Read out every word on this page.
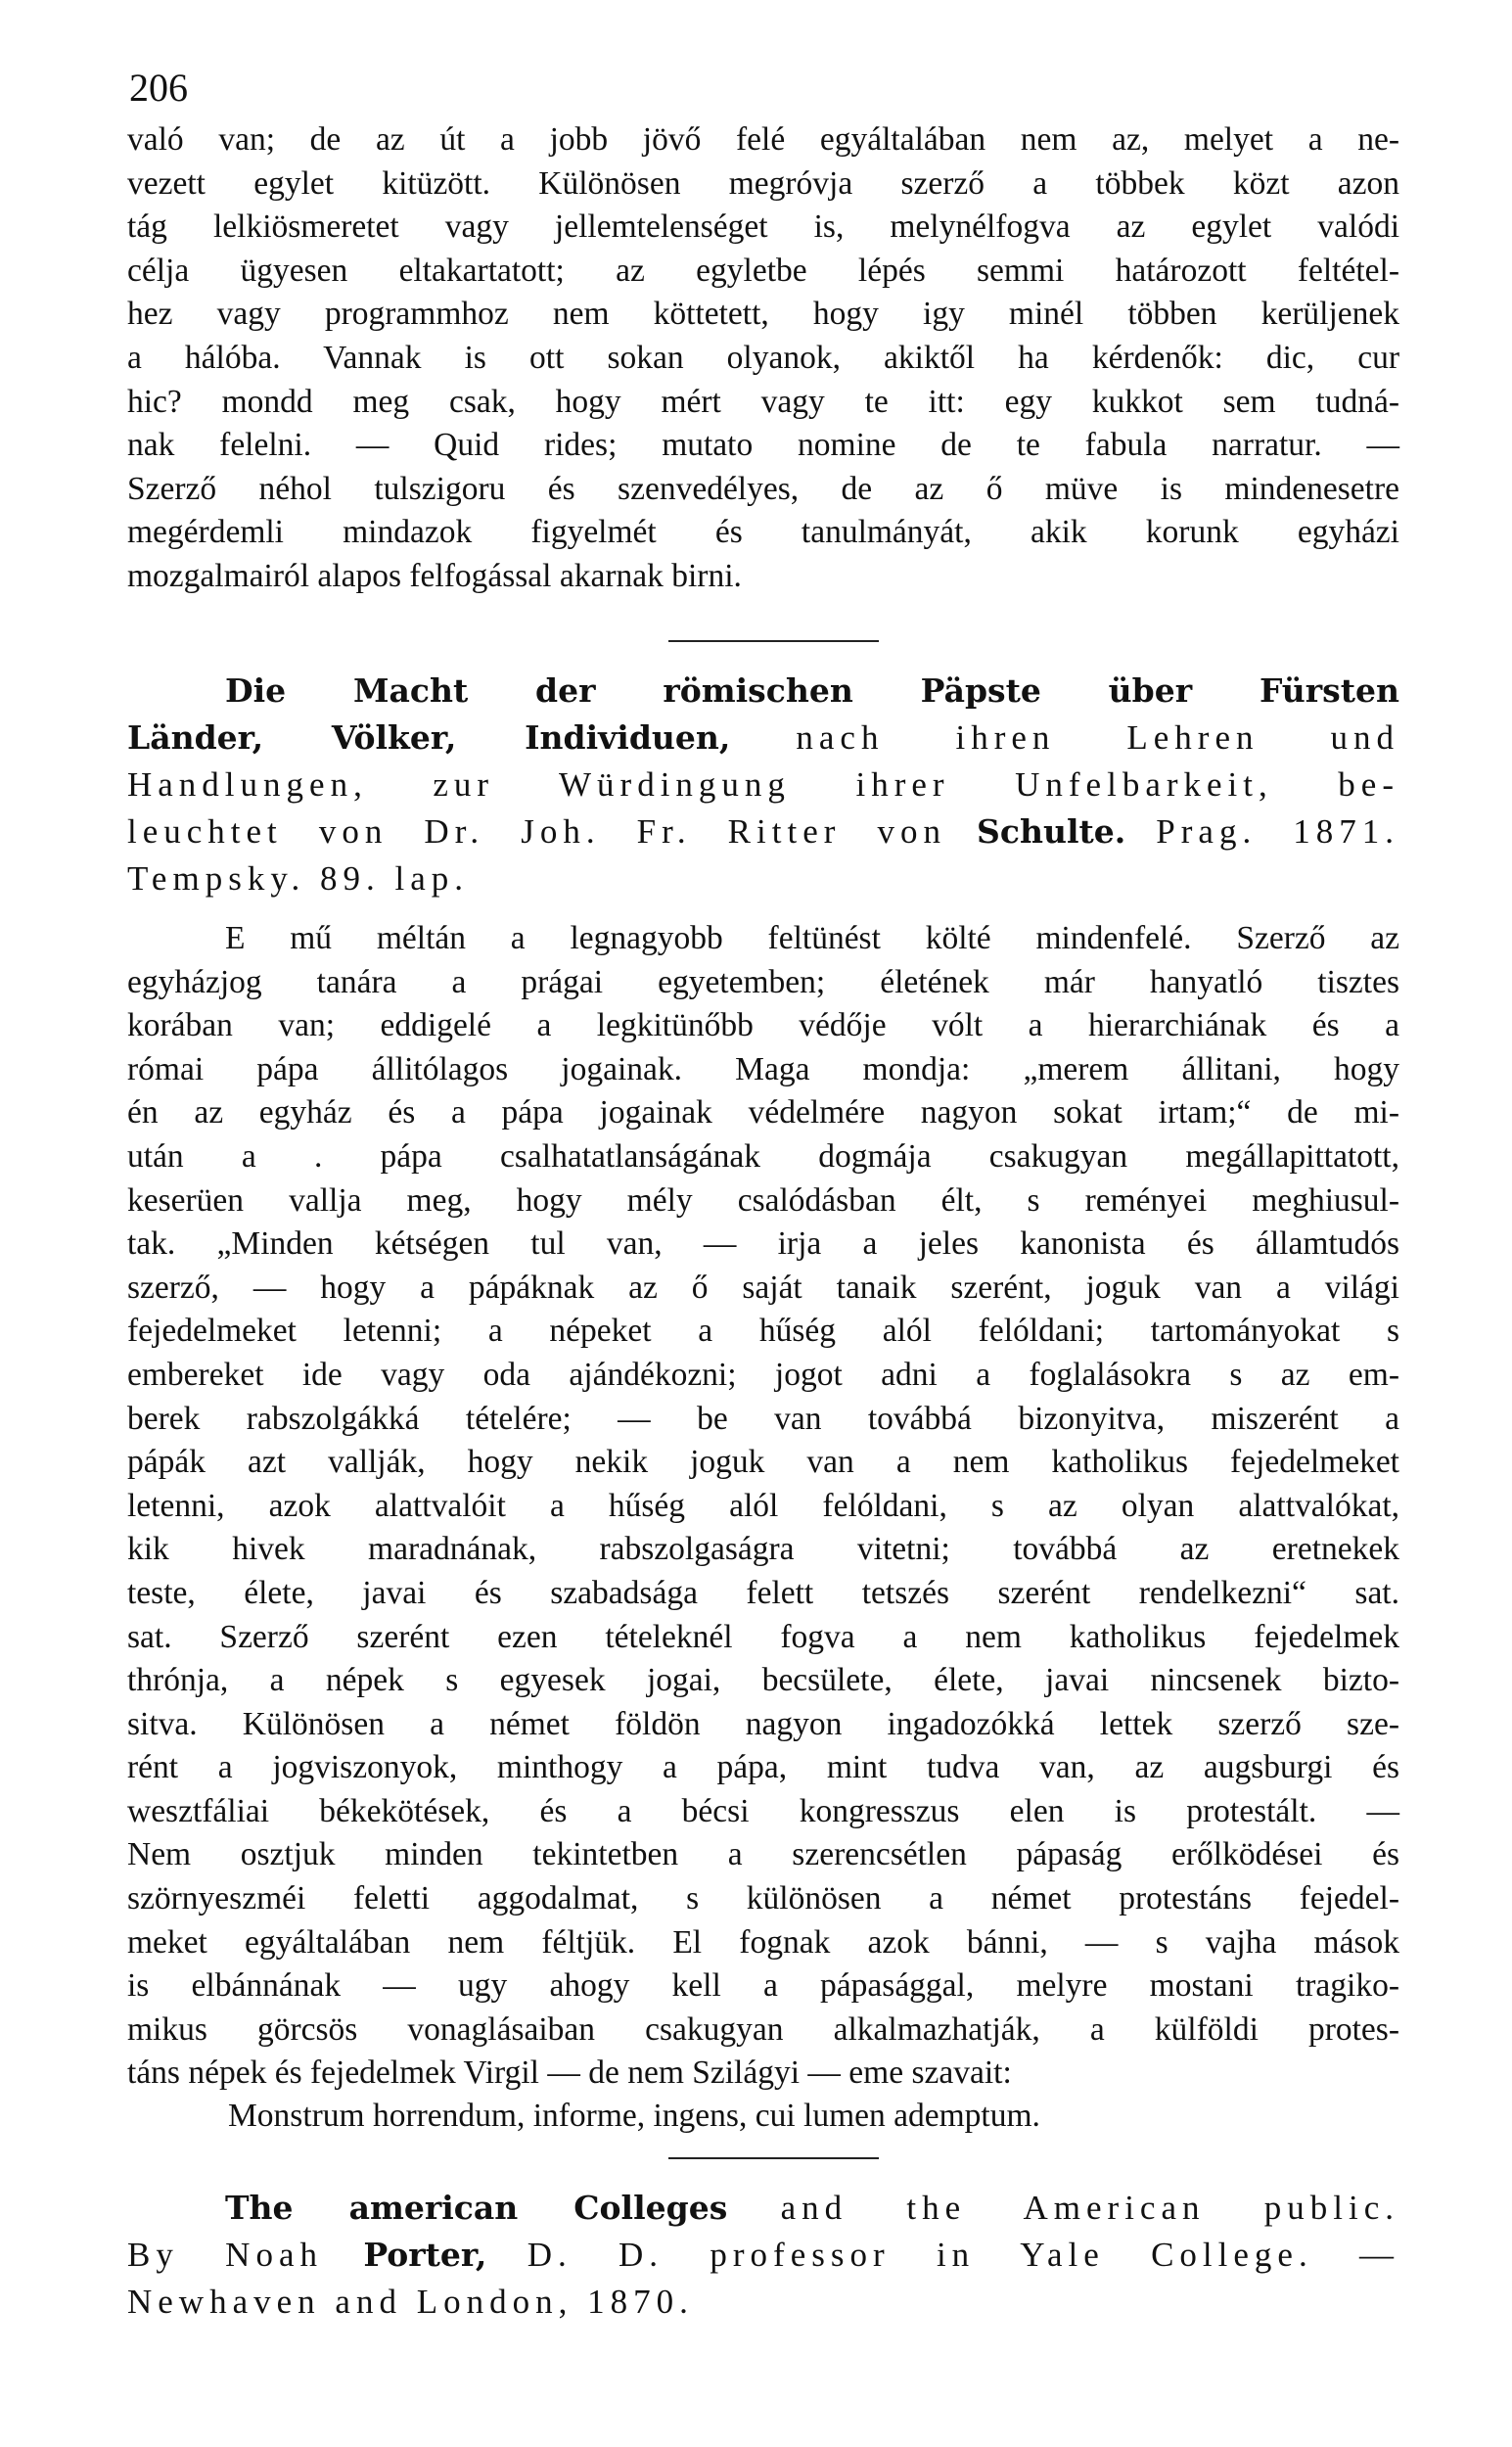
206
való van; de az út a jobb jövő felé egyáltalában nem az, melyet a ne-
vezett egylet kitüzött. Különösen megróvja szerző a többek közt azon
tág lelkiösmeretet vagy jellemtelenséget is, melynélfogva az egylet valódi
célja ügyesen eltakartatott; az egyletbe lépés semmi határozott feltétel-
hez vagy programmhoz nem köttetett, hogy igy minél többen kerüljenek
a hálóba. Vannak is ott sokan olyanok, akiktől ha kérdenők: dic, cur
hic? mondd meg csak, hogy mért vagy te itt: egy kukkot sem tudná-
nak felelni. — Quid rides; mutato nomine de te fabula narratur. —
Szerző néhol tulszigoru és szenvedélyes, de az ő müve is mindenesetre
megérdemli mindazok figyelmét és tanulmányát, akik korunk egyházi
mozgalmairól alapos felfogással akarnak birni.
Die Macht der römischen Päpste über Fürsten
Länder, Völker, Individuen, nach ihren Lehren und
Handlungen, zur Würdingung ihrer Unfelbarkeit, be-
leuchtet von Dr. Joh. Fr. Ritter von Schulte. Prag. 1871.
Tempsky. 89. lap.
E mű méltán a legnagyobb feltünést költé mindenfelé. Szerző az
egyházjog tanára a prágai egyetemben; életének már hanyatló tisztes
korában van; eddigelé a legkitünőbb védője vólt a hierarchiának és a
római pápa állitólagos jogainak. Maga mondja: „merem állitani, hogy
én az egyház és a pápa jogainak védelmére nagyon sokat irtam;“ de mi-
után a . pápa csalhatatlanságának dogmája csakugyan megállapittatott,
keserüen vallja meg, hogy mély csalódásban élt, s reményei meghiusul-
tak. „Minden kétségen tul van, — irja a jeles kanonista és államtudós
szerző, — hogy a pápáknak az ő saját tanaik szerént, joguk van a világi
fejedelmeket letenni; a népeket a hűség alól felóldani; tartományokat s
embereket ide vagy oda ajándékozni; jogot adni a foglalásokra s az em-
berek rabszolgákká tételére; — be van továbbá bizonyitva, miszerént a
pápák azt vallják, hogy nekik joguk van a nem katholikus fejedelmeket
letenni, azok alattvalóit a hűség alól felóldani, s az olyan alattvalókat,
kik hivek maradnának, rabszolgaságra vitetni; továbbá az eretnekek
teste, élete, javai és szabadsága felett tetszés szerént rendelkezni“ sat.
sat. Szerző szerént ezen tételeknél fogva a nem katholikus fejedelmek
thrónja, a népek s egyesek jogai, becsülete, élete, javai nincsenek bizto-
sitva. Különösen a német földön nagyon ingadozókká lettek szerző sze-
rént a jogviszonyok, minthogy a pápa, mint tudva van, az augsburgi és
wesztfáliai békekötések, és a bécsi kongresszus elen is protestált. —
Nem osztjuk minden tekintetben a szerencsétlen pápaság erőlködései és
szörnyeszméi feletti aggodalmat, s különösen a német protestáns fejedel-
meket egyáltalában nem féltjük. El fognak azok bánni, — s vajha mások
is elbánnának — ugy ahogy kell a pápasággal, melyre mostani tragiko-
mikus görcsös vonaglásaiban csakugyan alkalmazhatják, a külföldi protes-
táns népek és fejedelmek Virgil — de nem Szilágyi — eme szavait:
Monstrum horrendum, informe, ingens, cui lumen ademptum.
The american Colleges and the American public.
By Noah Porter, D. D. professor in Yale College. —
Newhaven and London, 1870.
